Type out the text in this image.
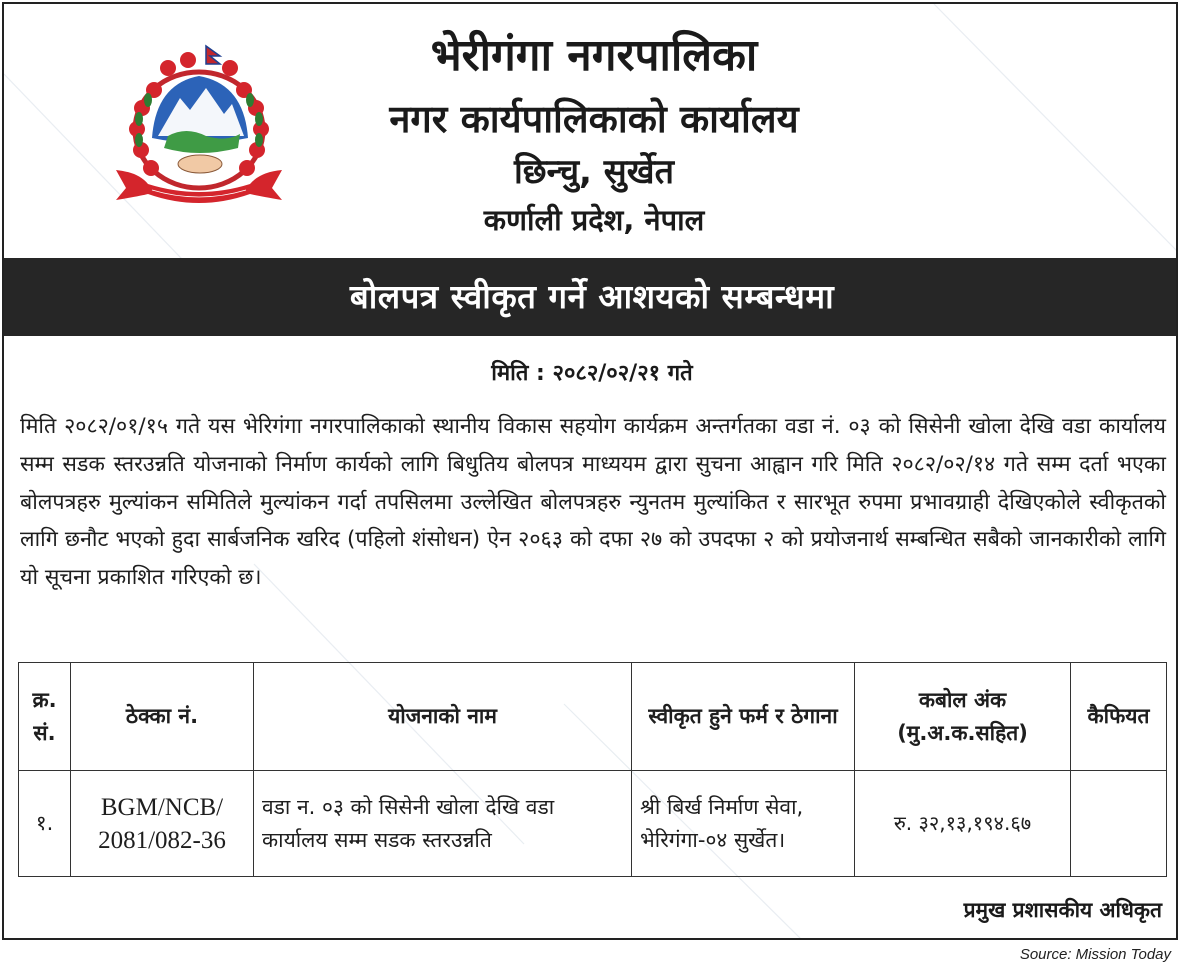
भेरीगंगा नगरपालिका
नगर कार्यपालिकाको कार्यालय
छिन्चु, सुर्खेत
कर्णाली प्रदेश, नेपाल
बोलपत्र स्वीकृत गर्ने आशयको सम्बन्धमा
मिति : २०८२/०२/२१ गते

मिति २०८२/०१/१५ गते यस भेरिगंगा नगरपालिकाको स्थानीय विकास सहयोग कार्यक्रम अन्तर्गतका वडा नं. ०३ को सिसेनी खोला देखि वडा कार्यालय सम्म सडक स्तरउन्नति योजनाको निर्माण कार्यको लागि बिधुतिय बोलपत्र माध्ययम द्वारा सुचना आह्वान गरि मिति २०८२/०२/१४ गते सम्म दर्ता भएका बोलपत्रहरु मुल्यांकन समितिले मुल्यांकन गर्दा तपसिलमा उल्लेखित बोलपत्रहरु न्युनतम मुल्यांकित र सारभूत रुपमा प्रभावग्राही देखिएकोले स्वीकृतको लागि छनौट भएको हुदा सार्बजनिक खरिद (पहिलो शंसोधन) ऐन २०६३ को दफा २७ को उपदफा २ को प्रयोजनार्थ सम्बन्धित सबैको जानकारीको लागि यो सूचना प्रकाशित गरिएको छ।

क्र. सं.	ठेक्का नं.	योजनाको नाम	स्वीकृत हुने फर्म र ठेगाना	कबोल अंक (मु.अ.क.सहित)	कैफियत
१.	BGM/NCB/ 2081/082-36	वडा न. ०३ को सिसेनी खोला देखि वडा कार्यालय सम्म सडक स्तरउन्नति	श्री बिर्ख निर्माण सेवा, भेरिगंगा-०४ सुर्खेत।	रु. ३२,१३,१९४.६७	
प्रमुख प्रशासकीय अधिकृत
Source: Mission Today
